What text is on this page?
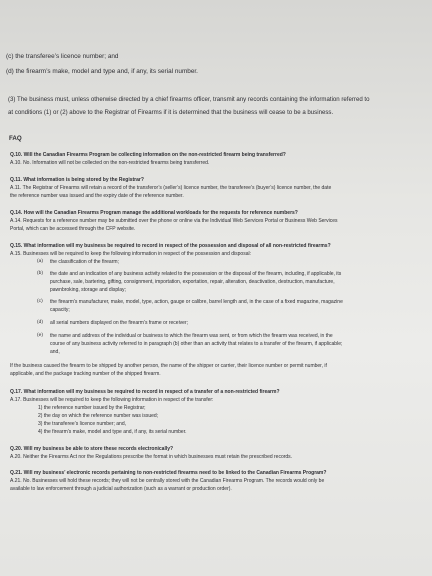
(c) the transferee’s licence number; and
(d) the firearm’s make, model and type and, if any, its serial number.
(3) The business must, unless otherwise directed by a chief firearms officer, transmit any records containing the information referred to
at conditions (1) or (2) above to the Registrar of Firearms if it is determined that the business will cease to be a business.
FAQ
Q.10. Will the Canadian Firearms Program be collecting information on the non-restricted firearm being transferred?
A.10. No. Information will not be collected on the non-restricted firearms being transferred.
Q.11. What information is being stored by the Registrar?
A.11. The Registrar of Firearms will retain a record of the transferor’s (seller’s) licence number, the transferee’s (buyer’s) licence number, the date
the reference number was issued and the expiry date of the reference number.
Q.14. How will the Canadian Firearms Program manage the additional workloads for the requests for reference numbers?
A.14. Requests for a reference number may be submitted over the phone or online via the Individual Web Services Portal or Business Web Services
Portal, which can be accessed through the CFP website.
Q.15. What information will my business be required to record in respect of the possession and disposal of all non-restricted firearms?
A.15. Businesses will be required to keep the following information in respect of the possession and disposal:
(a) the classification of the firearm;
(b) the date and an indication of any business activity related to the possession or the disposal of the firearm, including, if applicable, its
purchase, sale, bartering, gifting, consignment, importation, exportation, repair, alteration, deactivation, destruction, manufacture,
pawnbroking, storage and display;
(c) the firearm’s manufacturer, make, model, type, action, gauge or calibre, barrel length and, in the case of a fixed magazine, magazine
capacity;
(d) all serial numbers displayed on the firearm’s frame or receiver;
(e) the name and address of the individual or business to which the firearm was sent, or from which the firearm was received, in the
course of any business activity referred to in paragraph (b) other than an activity that relates to a transfer of the firearm, if applicable;
and,
If the business caused the firearm to be shipped by another person, the name of the shipper or carrier, their licence number or permit number, if
applicable, and the package tracking number of the shipped firearm.
Q.17. What information will my business be required to record in respect of a transfer of a non-restricted firearm?
A.17. Businesses will be required to keep the following information in respect of the transfer:
1) the reference number issued by the Registrar;
2) the day on which the reference number was issued;
3) the transferee’s licence number; and,
4) the firearm’s make, model and type and, if any, its serial number.
Q.20. Will my business be able to store these records electronically?
A.20. Neither the Firearms Act nor the Regulations prescribe the format in which businesses must retain the prescribed records.
Q.21. Will my business’ electronic records pertaining to non-restricted firearms need to be linked to the Canadian Firearms Program?
A.21. No. Businesses will hold these records; they will not be centrally stored with the Canadian Firearms Program. The records would only be
available to law enforcement through a judicial authorization (such as a warrant or production order).
